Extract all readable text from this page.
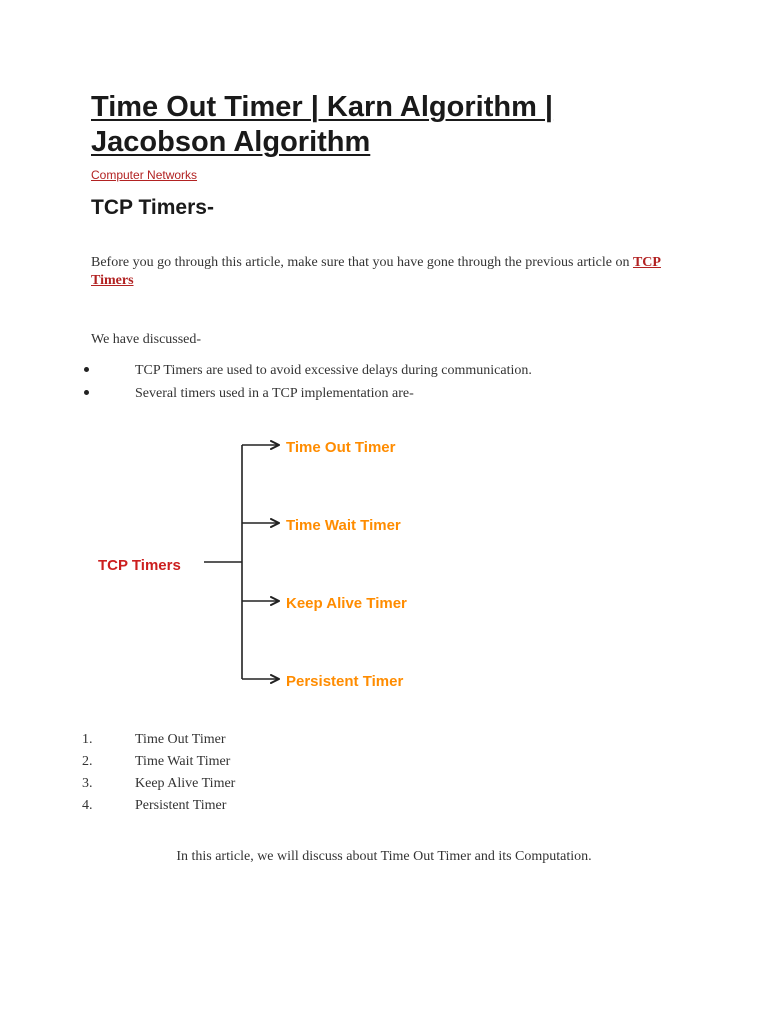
Time Out Timer | Karn Algorithm | Jacobson Algorithm
Computer Networks
TCP Timers-

Before you go through this article, make sure that you have gone through the previous article on TCP Timers

We have discussed-

TCP Timers are used to avoid excessive delays during communication.
Several timers used in a TCP implementation are-
TCP Timers
Time Out Timer
Time Wait Timer
Keep Alive Timer
Persistent Timer
1.	Time Out Timer
2.	Time Wait Timer
3.	Keep Alive Timer
4.	Persistent Timer

In this article, we will discuss about Time Out Timer and its Computation.
